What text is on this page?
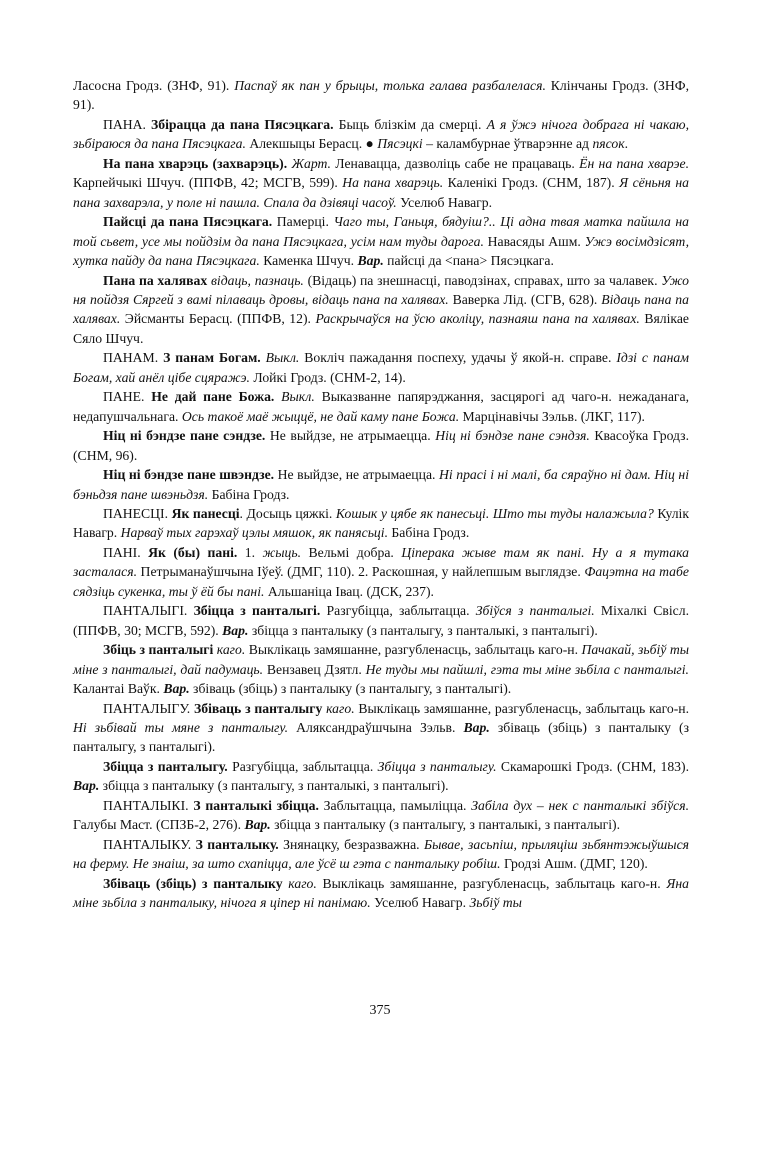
Ласосна Гродз. (ЗНФ, 91). Паспаў як пан у брыцы, толька галава разбалелася. Клінчаны Гродз. (ЗНФ, 91).

ПАНА. Збірацца да пана Пясэцкага. Быць блізкім да смерці. А я ўжэ нічога добрага ні чакаю, зьбіраюся да пана Пясэцкага. Алекшыцы Берасц. ● Пясэцкі – каламбурнае ўтварэнне ад пясок.

На пана хварэць (захварэць). Жарт. Ленавацца, дазволіць сабе не працаваць. Ён на пана хварэе. Карпейчыкі Шчуч. (ППФВ, 42; МСГВ, 599). На пана хварэць. Каленікі Гродз. (СНМ, 187). Я сёньня на пана захварэла, у поле ні пашла. Спала да дзівяці часоў. Уселюб Навагр.

Пайсці да пана Пясэцкага. Памерці. Чаго ты, Ганьця, бядуіш?.. Ці адна твая матка пайшла на той сьвет, усе мы пойдзім да пана Пясэцкага, усім нам туды дарога. Навасяды Ашм. Ужэ восімдзісят, хутка пайду да пана Пясэцкага. Каменка Шчуч. Вар. пайсці да <пана> Пясэцкага.

Пана па халявах відаць, пазнаць. (Відаць) па знешнасці, паводзінах, справах, што за чалавек. Ужо ня пойдзя Сяргей з вамі пілаваць дровы, відаць пана па халявах. Ваверка Лід. (СГВ, 628). Відаць пана па халявах. Эйсманты Берасц. (ППФВ, 12). Раскрычаўся на ўсю аколіцу, пазнаяш пана па халявах. Вялікае Сяло Шчуч.

ПАНАМ. З панам Богам. Выкл. Вокліч пажадання поспеху, удачы ў якой-н. справе. Ідзі с панам Богам, хай анёл цібе сцяражэ. Лойкі Гродз. (СНМ-2, 14).

ПАНЕ. Не дай пане Божа. Выкл. Выказванне папярэджання, засцярогі ад чаго-н. нежаданага, недапушчальнага. Ось такоё маё жыццё, не дай каму пане Божа. Марцінавічы Зэльв. (ЛКГ, 117).

Ніц ні бэндзе пане сэндзе. Не выйдзе, не атрымаецца. Ніц ні бэндзе пане сэндзя. Квасоўка Гродз. (СНМ, 96).

Ніц ні бэндзе пане швэндзе. Не выйдзе, не атрымаецца. Ні прасі і ні малі, ба сяраўно ні дам. Ніц ні бэньдзя пане швэньдзя. Бабіна Гродз.

ПАНЕСЦІ. Як панесці. Досыць цяжкі. Кошык у цябе як панесьці. Што ты туды налажыла? Кулік Навагр. Нарваў тых гарэхаў цэлы мяшок, як панясьці. Бабіна Гродз.

ПАНІ. Як (бы) пані. 1. жыць. Вельмі добра. Ціперака жыве там як пані. Ну а я тутака засталася. Петрыманаўшчына Іўеў. (ДМГ, 110). 2. Раскошная, у найлепшым выглядзе. Фацэтна на табе сядзіць сукенка, ты ў ёй бы пані. Альшаніца Івац. (ДСК, 237).

ПАНТАЛЫГІ. Збіцца з панталыгі. Разгубіцца, заблытацца. Збіўся з панталыгі. Міхалкі Свісл. (ППФВ, 30; МСГВ, 592). Вар. збіцца з панталыку (з панталыгу, з панталыкі, з панталыгі).

Збіць з панталыгі каго. Выклікаць замяшанне, разгубленасць, заблытаць каго-н. Пачакай, зьбіў ты міне з панталыгі, дай падумаць. Вензавец Дзятл. Не туды мы пайшлі, гэта ты міне зьбіла с панталыгі. Калантаі Ваўк. Вар. збіваць (збіць) з панталыку (з панталыгу, з панталыгі).

ПАНТАЛЫГУ. Збіваць з панталыгу каго. Выклікаць замяшанне, разгубленасць, заблытаць каго-н. Ні зьбівай ты мяне з панталыгу. Аляксандраўшчына Зэльв. Вар. збіваць (збіць) з панталыку (з панталыгу, з панталыгі).

Збіцца з панталыгу. Разгубіцца, заблытацца. Збіцца з панталыгу. Скамарошкі Гродз. (СНМ, 183). Вар. збіцца з панталыку (з панталыгу, з панталыкі, з панталыгі).

ПАНТАЛЫКІ. З панталыкі збіцца. Заблытацца, памыліцца. Забіла дух – нек с панталыкі збіўся. Галубы Маст. (СПЗБ-2, 276). Вар. збіцца з панталыку (з панталыгу, з панталыкі, з панталыгі).

ПАНТАЛЫКУ. З панталыку. Знянацку, безразважна. Бывае, засьпіш, прыляціш зьбянтэжыўшыся на ферму. Не знаіш, за што схапіцца, але ўсё ш гэта с панталыку робіш. Гродзі Ашм. (ДМГ, 120).

Збіваць (збіць) з панталыку каго. Выклікаць замяшанне, разгубленасць, заблытаць каго-н. Яна міне зьбіла з панталыку, нічога я ціпер ні панімаю. Уселюб Навагр. Зьбіў ты

375
